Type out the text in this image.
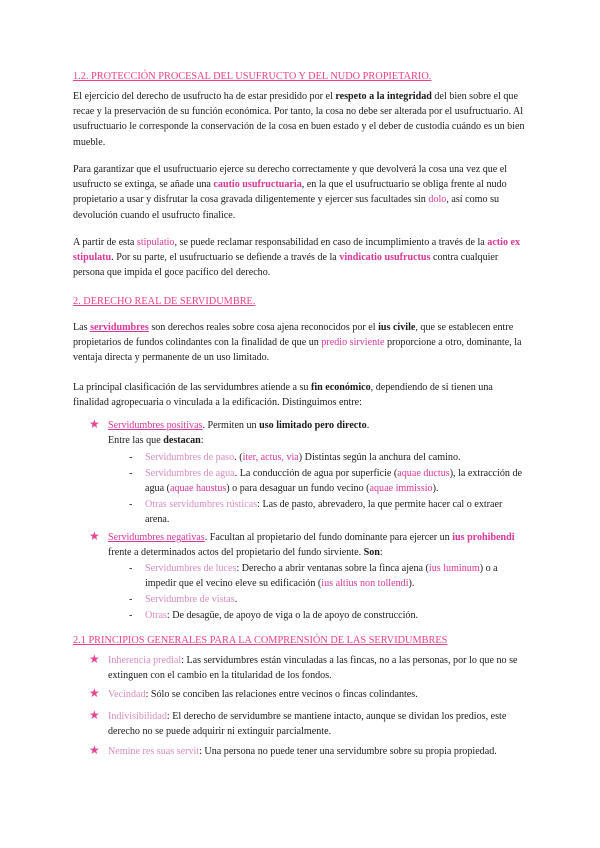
1.2. PROTECCIÓN PROCESAL DEL USUFRUCTO Y DEL NUDO PROPIETARIO.

El ejercicio del derecho de usufructo ha de estar presidido por el respeto a la integridad del bien sobre el que recae y la preservación de su función económica. Por tanto, la cosa no debe ser alterada por el usufructuario. Al usufructuario le corresponde la conservación de la cosa en buen estado y el deber de custodia cuándo es un bien mueble.

Para garantizar que el usufructuario ejerce su derecho correctamente y que devolverá la cosa una vez que el usufructo se extinga, se añade una cautio usufructuaria, en la que el usufructuario se obliga frente al nudo propietario a usar y disfrutar la cosa gravada diligentemente y ejercer sus facultades sin dolo, así como su devolución cuando el usufructo finalice.

A partir de esta stipulatio, se puede reclamar responsabilidad en caso de incumplimiento a través de la actio ex stipulatu. Por su parte, el usufructuario se defiende a través de la vindicatio usufructus contra cualquier persona que impida el goce pacífico del derecho.

2. DERECHO REAL DE SERVIDUMBRE.

Las servidumbres son derechos reales sobre cosa ajena reconocidos por el ius civile, que se establecen entre propietarios de fundos colindantes con la finalidad de que un predio sirviente proporcione a otro, dominante, la ventaja directa y permanente de un uso limitado.

La principal clasificación de las servidumbres atiende a su fin económico, dependiendo de si tienen una finalidad agropecuaria o vinculada a la edificación. Distinguimos entre:

★ Servidumbres positivas. Permiten un uso limitado pero directo.
Entre las que destacan:

- Servidumbres de paso. (iter, actus, via) Distintas según la anchura del camino.

- Servidumbres de agua. La conducción de agua por superficie (aquae ductus), la extracción de agua (aquae haustus) o para desaguar un fundo vecino (aquae immissio).

- Otras servidumbres rústicas: Las de pasto, abrevadero, la que permite hacer cal o extraer arena.

★ Servidumbres negativas. Facultan al propietario del fundo dominante para ejercer un ius prohibendi frente a determinados actos del propietario del fundo sirviente. Son:

- Servidumbres de luces: Derecho a abrir ventanas sobre la finca ajena (ius luminum) o a impedir que el vecino eleve su edificación (ius altius non tollendi).

- Servidumbre de vistas.

- Otras: De desagüe, de apoyo de viga o la de apoyo de construcción.

2.1 PRINCIPIOS GENERALES PARA LA COMPRENSIÓN DE LAS SERVIDUMBRES

★ Inherencia predial: Las servidumbres están vinculadas a las fincas, no a las personas, por lo que no se extinguen con el cambio en la titularidad de los fondos.

★ Vecindad: Sólo se conciben las relaciones entre vecinos o fincas colindantes.

★ Indivisibilidad: El derecho de servidumbre se mantiene intacto, aunque se dividan los predios, este derecho no se puede adquirir ni extinguir parcialmente.

★ Nemine res suas servit: Una persona no puede tener una servidumbre sobre su propia propiedad.
